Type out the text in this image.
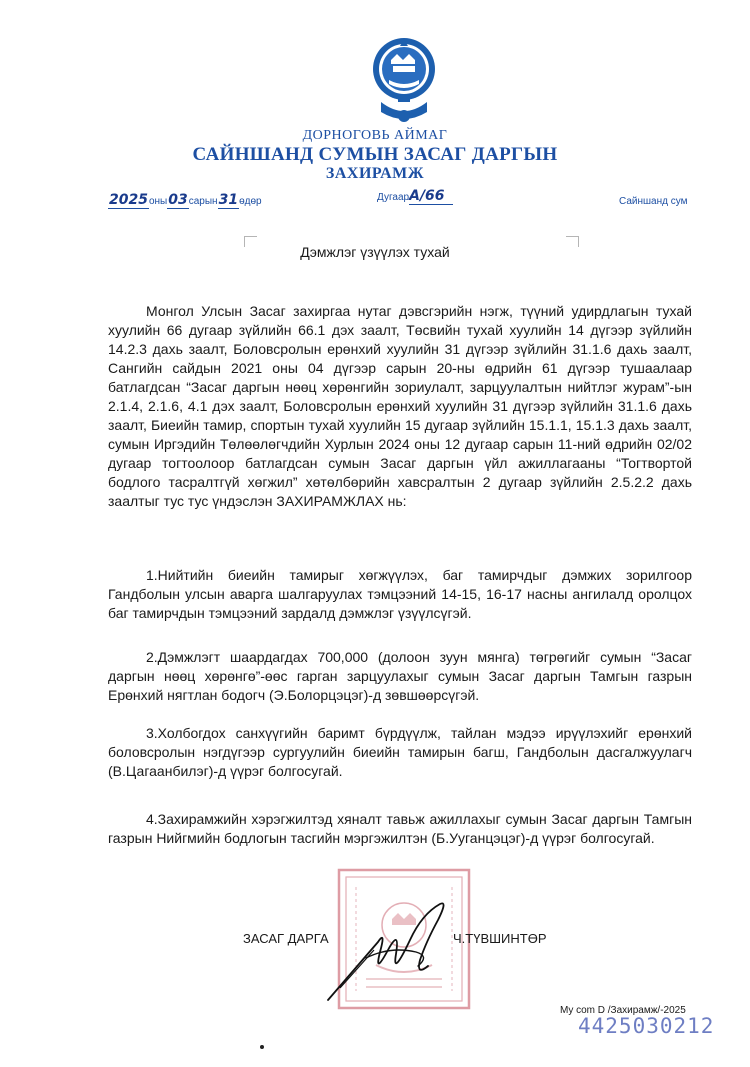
ДОРНОГОВЬ АЙМАГ
САЙНШАНД СУМЫН ЗАСАГ ДАРГЫН
ЗАХИРАМЖ
2025оны03сарын31өдөр	ДугаарА/66	Сайншанд сум
Дэмжлэг үзүүлэх тухай
Монгол Улсын Засаг захиргаа нутаг дэвсгэрийн нэгж, түүний удирдлагын тухай хуулийн 66 дугаар зүйлийн 66.1 дэх заалт, Төсвийн тухай хуулийн 14 дүгээр зүйлийн 14.2.3 дахь заалт, Боловсролын ерөнхий хуулийн 31 дүгээр зүйлийн 31.1.6 дахь заалт, Сангийн сайдын 2021 оны 04 дүгээр сарын 20-ны өдрийн 61 дүгээр тушаалаар батлагдсан “Засаг даргын нөөц хөрөнгийн зориулалт, зарцуулалтын нийтлэг журам”-ын 2.1.4, 2.1.6, 4.1 дэх заалт, Боловсролын ерөнхий хуулийн 31 дүгээр зүйлийн 31.1.6 дахь заалт, Биеийн тамир, спортын тухай хуулийн 15 дугаар зүйлийн 15.1.1, 15.1.3 дахь заалт, сумын Иргэдийн Төлөөлөгчдийн Хурлын 2024 оны 12 дугаар сарын 11-ний өдрийн 02/02 дугаар тогтоолоор батлагдсан сумын Засаг даргын үйл ажиллагааны “Тогтвортой бодлого тасралтгүй хөгжил” хөтөлбөрийн хавсралтын 2 дугаар зүйлийн 2.5.2.2 дахь заалтыг тус тус үндэслэн ЗАХИРАМЖЛАХ нь:
1.Нийтийн биеийн тамирыг хөгжүүлэх, баг тамирчдыг дэмжих зорилгоор Гандболын улсын аварга шалгаруулах тэмцээний 14-15, 16-17 насны ангилалд оролцох баг тамирчдын тэмцээний зардалд дэмжлэг үзүүлсүгэй.
2.Дэмжлэгт шаардагдах 700,000 (долоон зуун мянга) төгрөгийг сумын “Засаг даргын нөөц хөрөнгө”-өөс гарган зарцуулахыг сумын Засаг даргын Тамгын газрын Ерөнхий нягтлан бодогч (Э.Болорцэцэг)-д зөвшөөрсүгэй.
3.Холбогдох санхүүгийн баримт бүрдүүлж, тайлан мэдээ ирүүлэхийг ерөнхий боловсролын нэгдүгээр сургуулийн биеийн тамирын багш, Гандболын дасгалжуулагч (В.Цагаанбилэг)-д үүрэг болгосугай.
4.Захирамжийн хэрэгжилтэд хяналт тавьж ажиллахыг сумын Засаг даргын Тамгын газрын Нийгмийн бодлогын тасгийн мэргэжилтэн (Б.Ууганцэцэг)-д үүрэг болгосугай.
ЗАСАГ ДАРГА	Ч.ТҮВШИНТӨР
My com D /Захирамж/-2025
4425030212
